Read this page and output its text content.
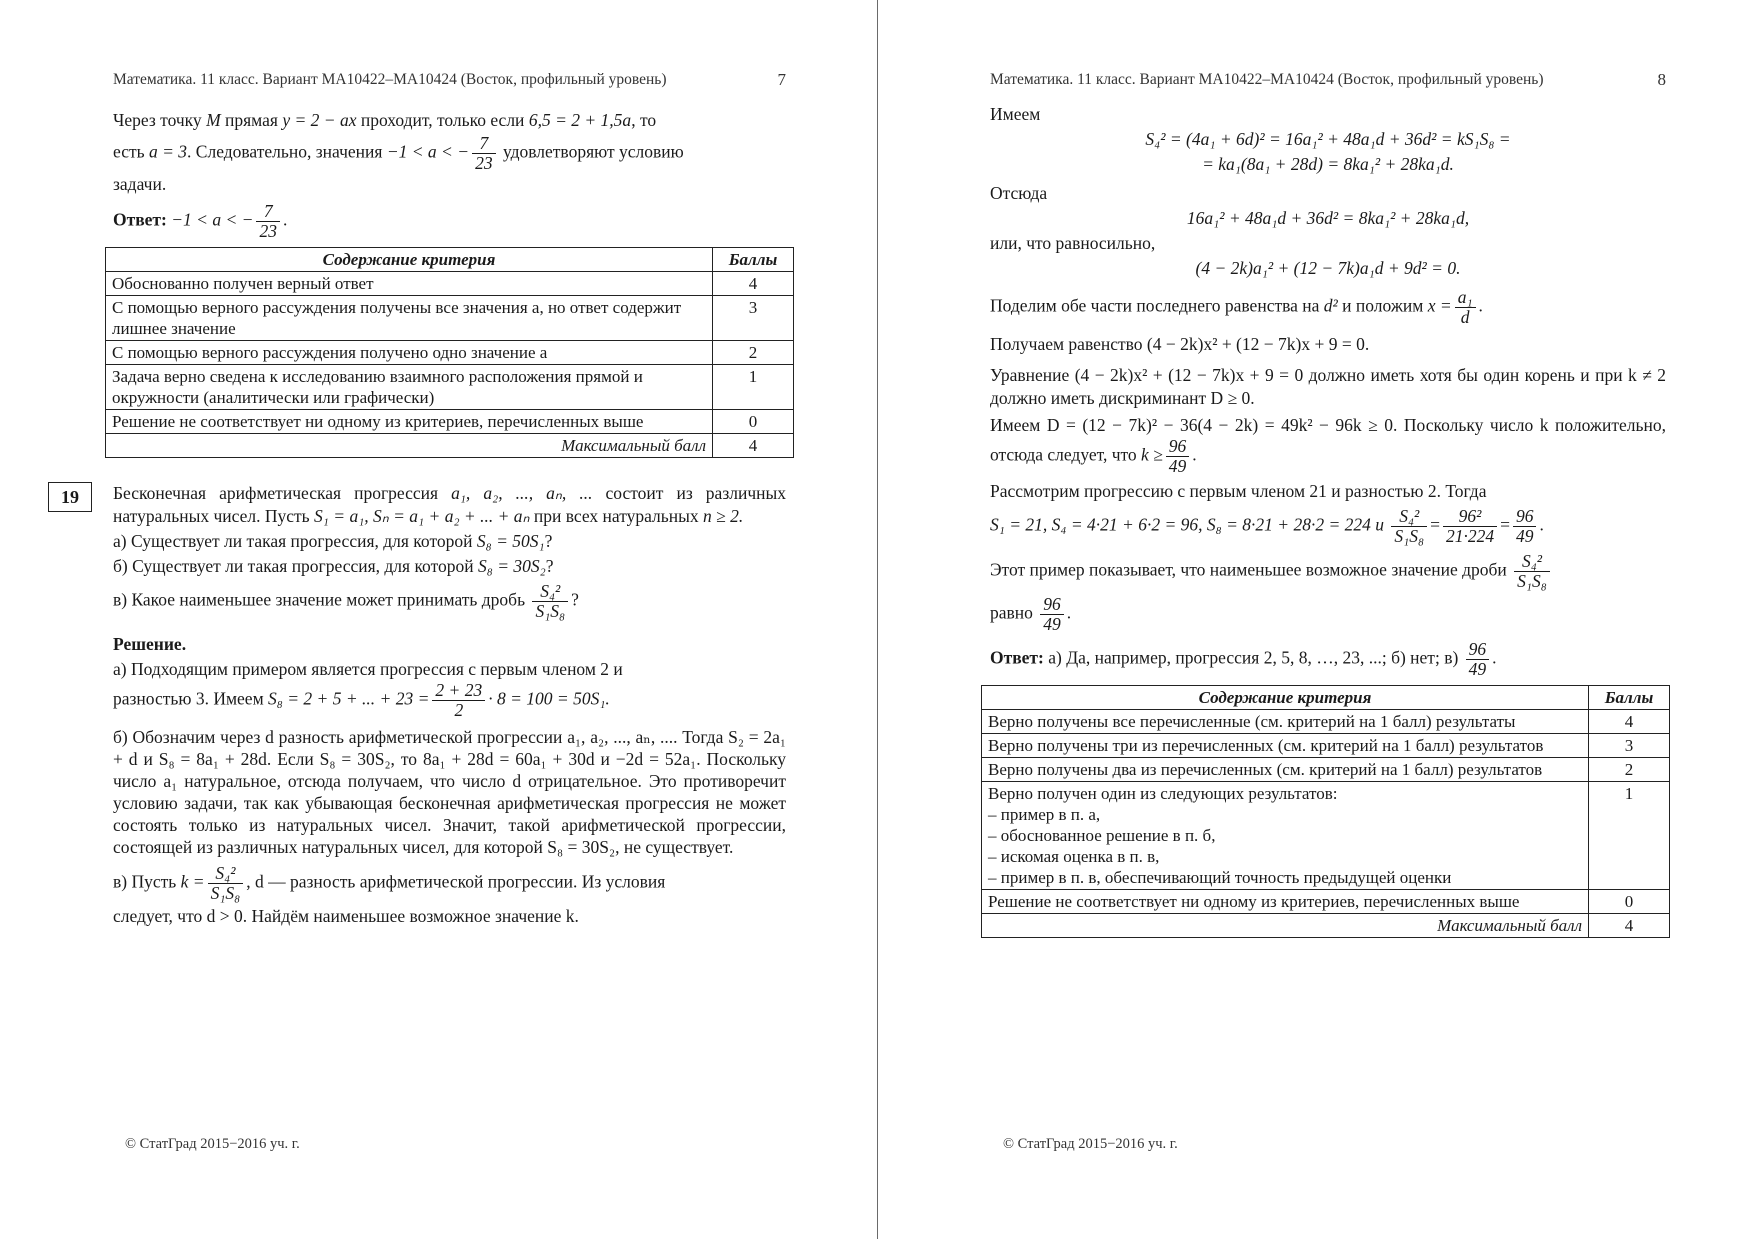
Математика. 11 класс. Вариант МА10422–МА10424 (Восток, профильный уровень)	7

Через точку M прямая y = 2 − ax проходит, только если 6,5 = 2 + 1,5a, то

есть a = 3. Следовательно, значения −1 < a < − $\frac{7}{23}$ удовлетворяют условию

задачи.

Ответ: −1 < a < − $\frac{7}{23}$ .

Содержание критерия	Баллы
Обоснованно получен верный ответ	4
С помощью верного рассуждения получены все значения a, но ответ содержит лишнее значение	3
С помощью верного рассуждения получено одно значение a	2
Задача верно сведена к исследованию взаимного расположения прямой и окружности (аналитически или графически)	1
Решение не соответствует ни одному из критериев, перечисленных выше	0
Максимальный балл	4
19	Бесконечная арифметическая прогрессия a₁, a₂, ..., aₙ, ... состоит из различных натуральных чисел. Пусть S₁ = a₁, Sₙ = a₁ + a₂ + ... + aₙ при всех натуральных n ≥ 2.

а) Существует ли такая прогрессия, для которой S₈ = 50S₁?

б) Существует ли такая прогрессия, для которой S₈ = 30S₂?

в) Какое наименьшее значение может принимать дробь $\frac{\text{S₄²}}{\text{S₁S₈}}$ ?

Решение.

а) Подходящим примером является прогрессия с первым членом 2 и

разностью 3. Имеем S₈ = 2 + 5 + ... + $23 = \frac{2 + 23}{2} \cdot 8 = 100 = 50S_1$.

б) Обозначим через d разность арифметической прогрессии a₁, a₂, ..., aₙ, .... Тогда S₂ = 2a₁ + d и S₈ = 8a₁ + 28d. Если S₈ = 30S₂, то 8a₁ + 28d = 60a₁ + 30d и −2d = 52a₁. Поскольку число a₁ натуральное, отсюда получаем, что число d отрицательное. Это противоречит условию задачи, так как убывающая бесконечная арифметическая прогрессия не может состоять только из натуральных чисел. Значит, такой арифметической прогрессии, состоящей из различных натуральных чисел, для которой S₈ = 30S₂, не существует.

в) Пусть $k = \frac{\text{S₄²}}{\text{S₁S₈}}$ , d — разность арифметической прогрессии. Из условия

следует, что d > 0. Найдём наименьшее возможное значение k.

© СтатГрад 2015−2016 уч. г.
Математика. 11 класс. Вариант МА10422–МА10424 (Восток, профильный уровень)	8

Имеем

S₄² = (4a₁ + 6d)² = 16a₁² + 48a₁d + 36d² = kS₁S₈ =

= ka₁(8a₁ + 28d) = 8ka₁² + 28ka₁d.

Отсюда

16a₁² + 48a₁d + 36d² = 8ka₁² + 28ka₁d,

или, что равносильно,

(4 − 2k)a₁² + (12 − 7k)a₁d + 9d² = 0.

Поделим обе части последнего равенства на d² и положим $x = \frac{\text{a₁}}{d}$ .

Получаем равенство (4 − 2k)x² + (12 − 7k)x + 9 = 0.

Уравнение (4 − 2k)x² + (12 − 7k)x + 9 = 0 должно иметь хотя бы один корень и при k ≠ 2 должно иметь дискриминант D ≥ 0.

Имеем D = (12 − 7k)² − 36(4 − 2k) = 49k² − 96k ≥ 0. Поскольку число k положительно, отсюда следует, что $k \ge \frac{96}{49}$ .

Рассмотрим прогрессию с первым членом 21 и разностью 2. Тогда

S₁ = 21, S₄ = 4·21 + 6·2 = 96, S₈ = 8·21 + 28·2 = 224 и $\frac{\text{S₄²}}{\text{S₁S₈}} = \frac{\text{96²}}{21\cdot 224} = \frac{96}{49}$ .

Этот пример показывает, что наименьшее возможное значение дроби $\frac{\text{S₄²}}{\text{S₁S₈}}$

равно $\frac{96}{49}$ .

Ответ: а) Да, например, прогрессия 2, 5, 8, …, 23, ...; б) нет; $в) \frac{96}{49}$ .

Содержание критерия	Баллы
Верно получены все перечисленные (см. критерий на 1 балл) результаты	4
Верно получены три из перечисленных (см. критерий на 1 балл) результатов	3
Верно получены два из перечисленных (см. критерий на 1 балл) результатов	2

Верно получен один из следующих результатов:
– пример в п. а,
– обоснованное решение в п. б,
– искомая оценка в п. в,
– пример в п. в, обеспечивающий точность предыдущей оценки	1
Решение не соответствует ни одному из критериев, перечисленных выше	0
Максимальный балл	4
© СтатГрад 2015−2016 уч. г.
